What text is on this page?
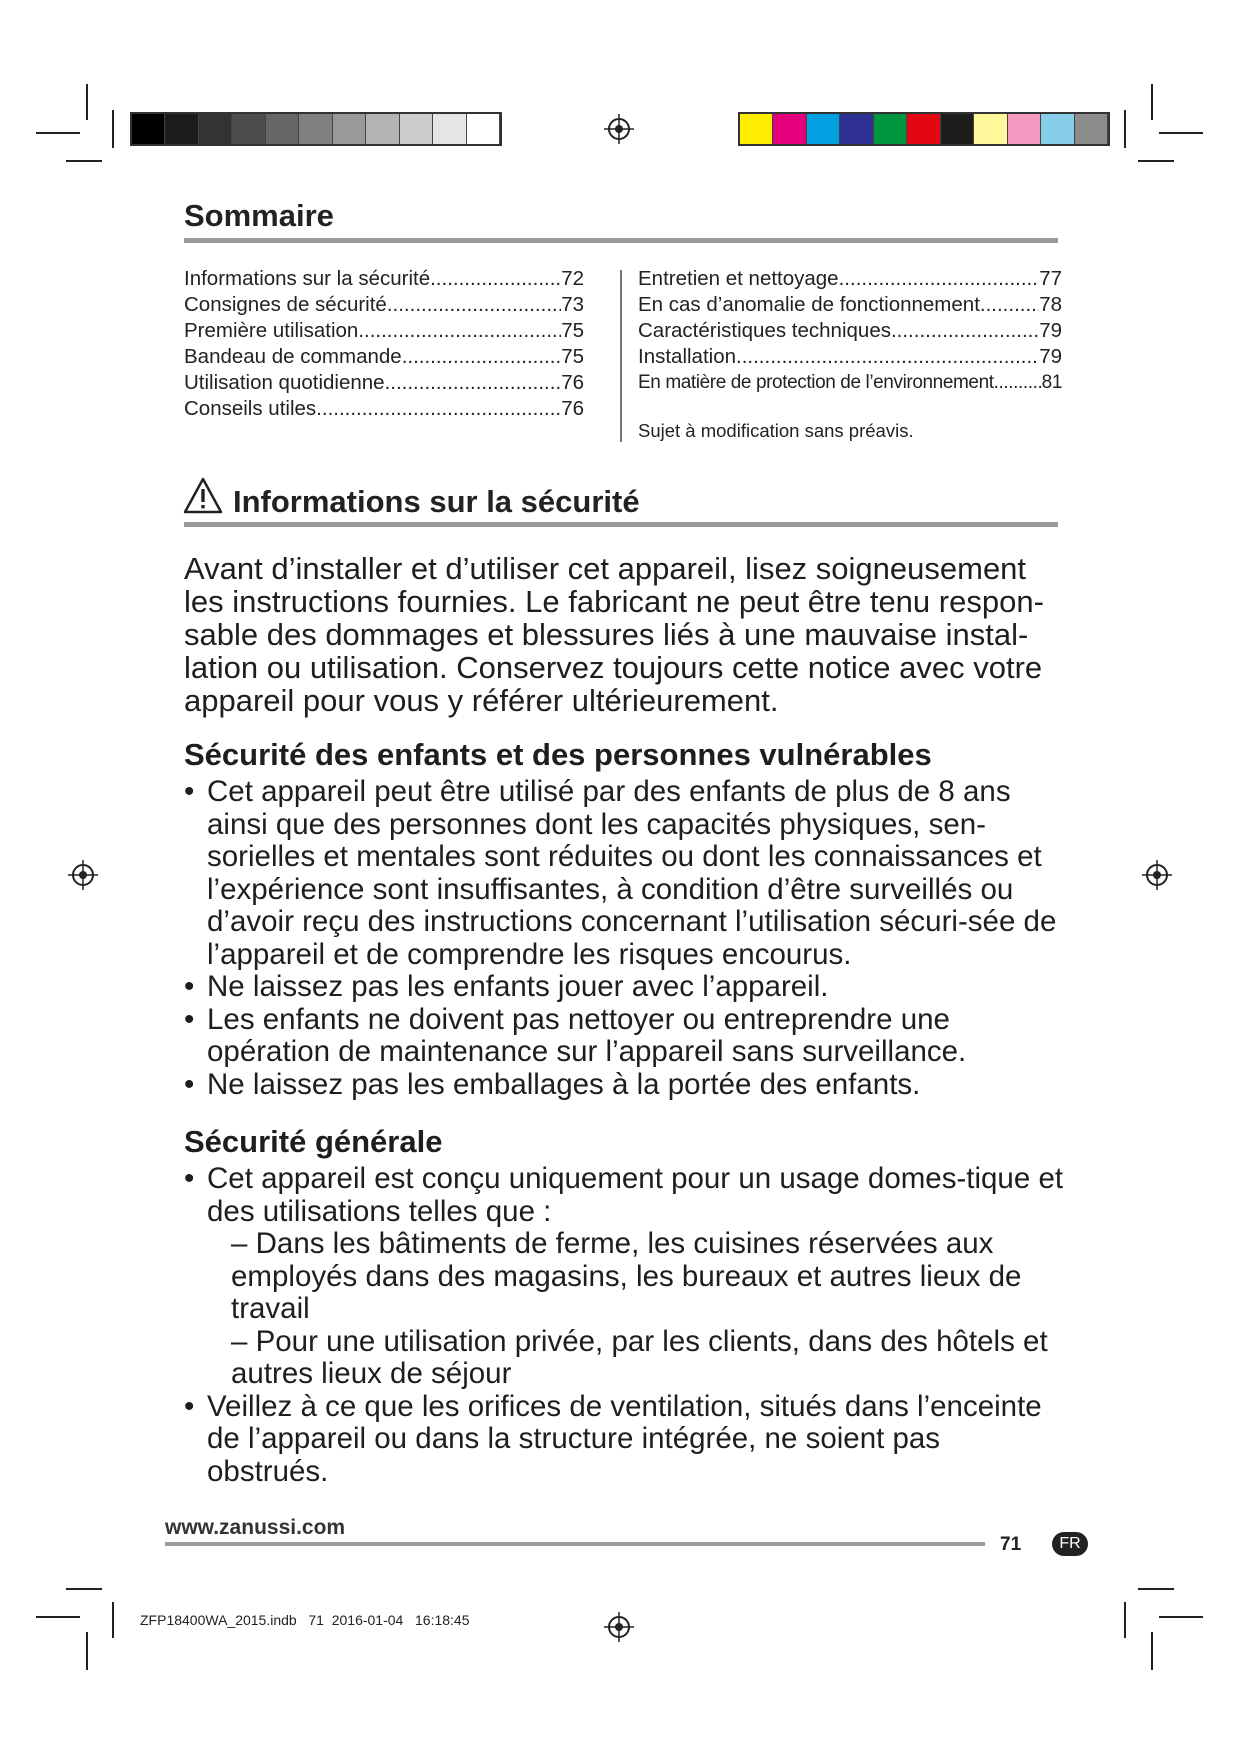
Sommaire
Informations sur la sécurité .....	72
Consignes de sécurité .....	73
Première utilisation .....	75
Bandeau de commande .....	75
Utilisation quotidienne .....	76
Conseils utiles .....	76
Entretien et nettoyage... .....	77
En cas d’anomalie de fonctionnement .....	78
Caractéristiques techniques .....	79
Installation .....	79
En matière de protection de l’environnement .....	81
Sujet à modification sans préavis.
Informations sur la sécurité
Avant d’installer et d’utiliser cet appareil, lisez soigneusement les instructions fournies. Le fabricant ne peut être tenu respon-sable des dommages et blessures liés à une mauvaise instal-lation ou utilisation. Conservez toujours cette notice avec votre appareil pour vous y référer ultérieurement.
Sécurité des enfants et des personnes vulnérables
• Cet appareil peut être utilisé par des enfants de plus de 8 ans ainsi que des personnes dont les capacités physiques, sen-sorielles et mentales sont réduites ou dont les connaissances et l’expérience sont insuffisantes, à condition d’être surveillés ou d’avoir reçu des instructions concernant l’utilisation sécuri-sée de l’appareil et de comprendre les risques encourus.
• Ne laissez pas les enfants jouer avec l’appareil.
• Les enfants ne doivent pas nettoyer ou entreprendre une opération de maintenance sur l’appareil sans surveillance.
• Ne laissez pas les emballages à la portée des enfants.
Sécurité générale
• Cet appareil est conçu uniquement pour un usage domes-tique et des utilisations telles que :
– Dans les bâtiments de ferme, les cuisines réservées aux employés dans des magasins, les bureaux et autres lieux de travail
– Pour une utilisation privée, par les clients, dans des hôtels et autres lieux de séjour
• Veillez à ce que les orifices de ventilation, situés dans l’enceinte de l’appareil ou dans la structure intégrée, ne soient pas obstrués.
www.zanussi.com
71	FR
ZFP18400WA_2015.indb   71  2016-01-04   16:18:45
